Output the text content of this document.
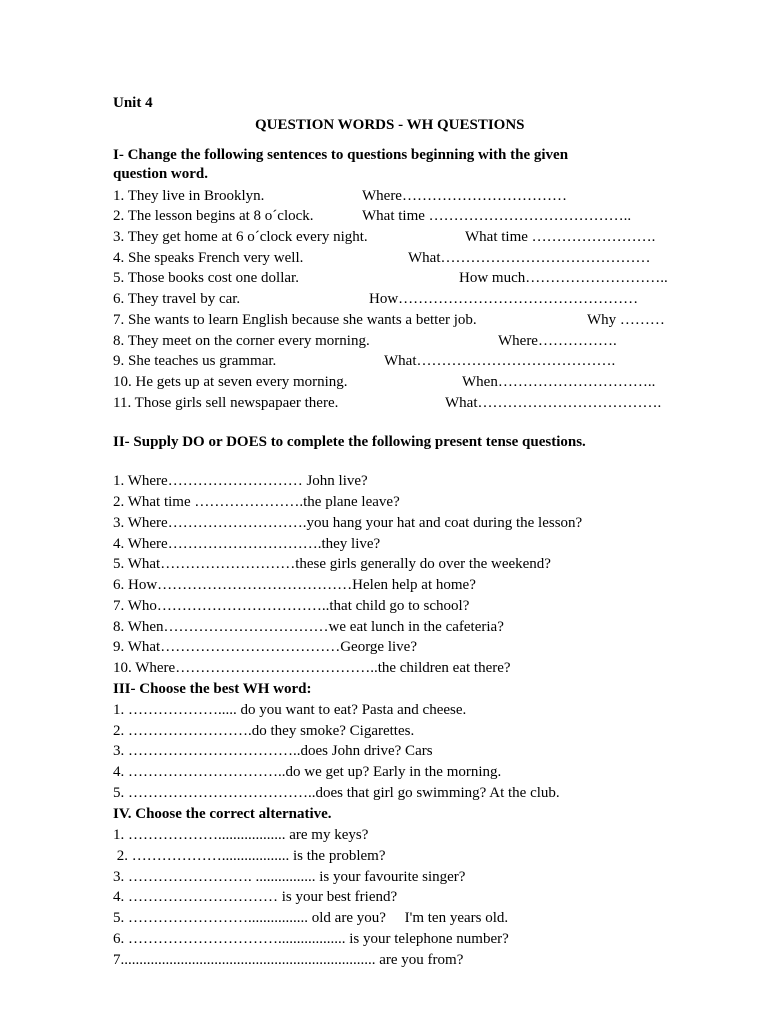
Unit 4
QUESTION WORDS - WH QUESTIONS
I- Change the following sentences to questions beginning with the given
question word.
1. They live in Brooklyn.	Where……………………………
2. The lesson begins at 8 o´clock.	What time …………………………………..
3. They get home at 6 o´clock every night.	What time …………………….
4. She speaks French very well.	What……………………………………
5. Those books cost one dollar.	How much………………………..
6. They travel by car.	How…………………………………………
7. She wants to learn English because she wants a better job.	Why ………
8. They meet on the corner every morning.	Where…………….
9. She teaches us grammar.	What………………………………….
10. He gets up at seven every morning.	When…………………………..
11. Those girls sell newspapaer there.	What……………………………….
II- Supply DO or DOES to complete the following present tense questions.
1. Where……………………… John live?
2. What time ………………….the plane leave?
3. Where……………………….you hang your hat and coat during the lesson?
4. Where………………………….they live?
5. What………………………these girls generally do over the weekend?
6. How…………………………………Helen help at home?
7. Who……………………………..that child go to school?
8. When……………………………we eat lunch in the cafeteria?
9. What………………………………George live?
10. Where…………………………………..the children eat there?
III- Choose the best WH word:
1. ………………..... do you want to eat? Pasta and cheese.
2. …………………….do they smoke? Cigarettes.
3. ……………………………..does John drive? Cars
4. …………………………..do we get up? Early in the morning.
5. ………………………………..does that girl go swimming? At the club.
IV. Choose the correct alternative.
1. ……………….................. are my keys?
2. ……………….................. is the problem?
3. ……………………. ................ is your favourite singer?
4. ………………………… is your best friend?
5. ……………………................ old are you?     I'm ten years old.
6. ………………………….................. is your telephone number?
7.................................................................... are you from?
